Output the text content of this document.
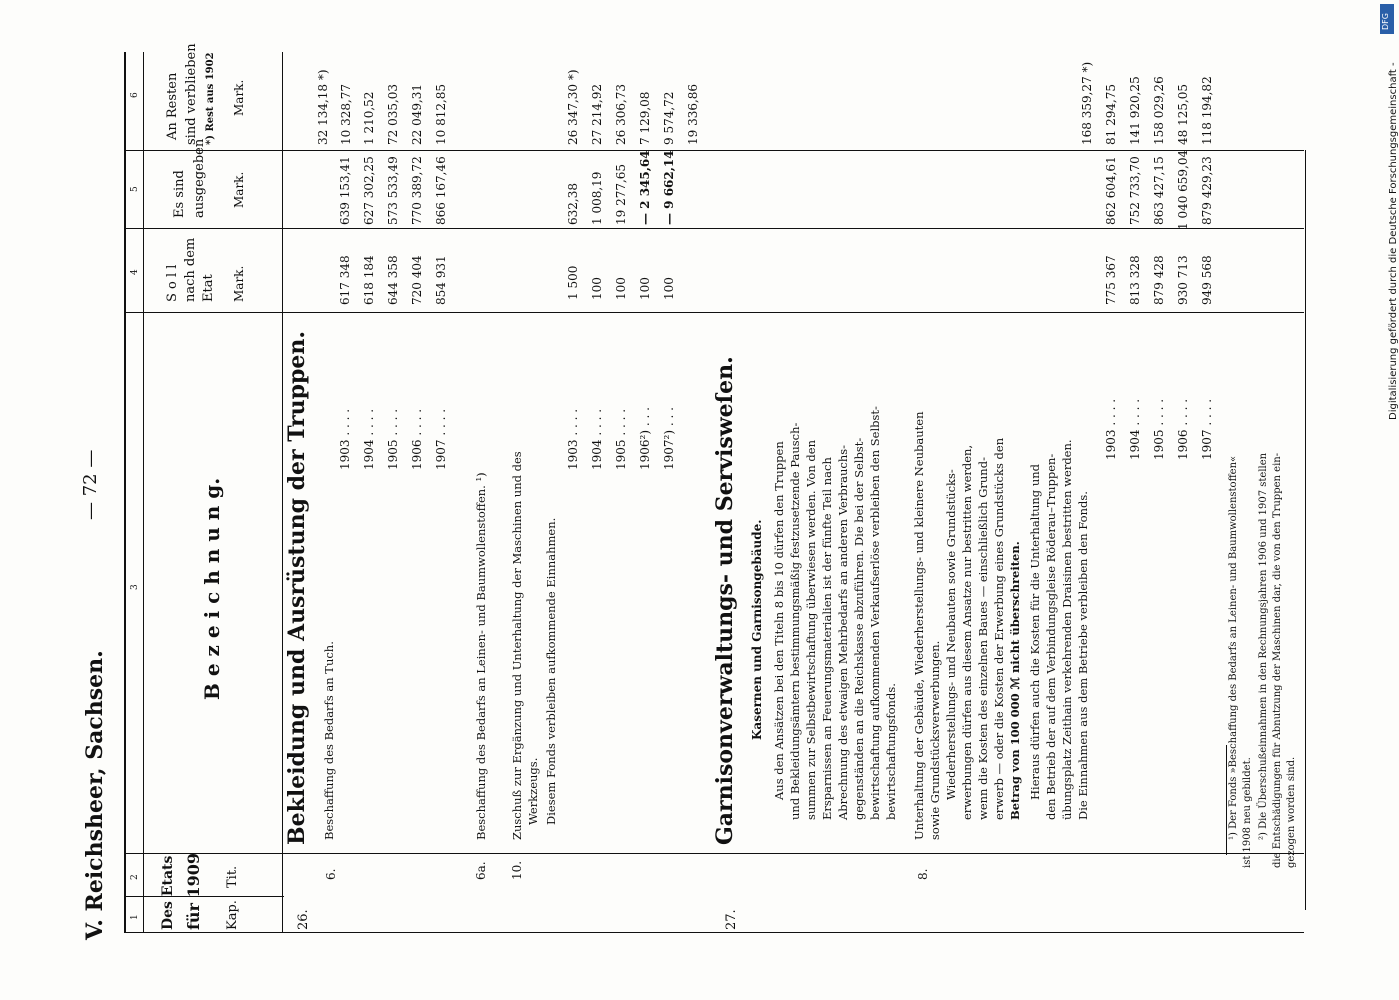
Digitalisierung gefördert durch die Deutsche Forschungsgemeinschaft -
DFG
V. Reichsheer, Sachsen.
— 72 —
1
2
3
4
5
6
Des Etats für 1909 Kap.
Tit.
B e z e i c h n u n g.
S o l l nach dem Etat Mark.
Es sind ausgegeben Mark.
An Resten sind verblieben *) Rest aus 1902 Mark.
26.
Bekleidung und Ausrüstung der Truppen.
6.
Beschaffung des Bedarfs an Tuch.
1903 . . . .
617 348
639 153,41
32 134,18 *)
1904 . . . .
618 184
627 302,25
10 328,77
1905 . . . .
644 358
573 533,49
1 210,52
1906 . . . .
720 404
770 389,72
72 035,03
1907 . . . .
854 931
866 167,46
22 049,31 10 812,85
6a.
Beschaffung des Bedarfs an Leinen- und Baumwollenstoffen. ¹)
10.
Zuschuß zur Ergänzung und Unterhaltung der Maschinen und des Werkzeugs. Diesem Fonds verbleiben aufkommende Einnahmen.
1903 . . . .
1 500
632,38
26 347,30 *)
1904 . . . .
100
1 008,19
27 214,92
1905 . . . .
100
19 277,65
26 306,73
1906²) . . .
100
— 2 345,64
7 129,08
1907²) . . .
100
— 9 662,14
9 574,72 19 336,86
27.
Garnisonverwaltungs- und Servisweſen. Kasernen und Garnisongebäude. Aus den Ansätzen bei den Titeln 8 bis 10 dürfen den Truppen und Bekleidungsämtern bestimmungsmäßig festzusetzende Pausch- summen zur Selbstbewirtschaftung überwiesen werden. Von den Ersparnissen an Feuerungsmaterialien ist der fünfte Teil nach Abrechnung des etwaigen Mehrbedarfs an anderen Verbrauchs- gegenständen an die Reichskasse abzuführen. Die bei der Selbst- bewirtschaftung aufkommenden Verkaufserlöse verbleiben den Selbst- bewirtschaftungsfonds.
8.
Unterhaltung der Gebäude, Wiederherstellungs- und kleinere Neubauten sowie Grundstücksverwerbungen. Wiederherstellungs- und Neubauten sowie Grundstücks- erwerbungen dürfen aus diesem Ansatze nur bestritten werden, wenn die Kosten des einzelnen Baues — einschließlich Grund- erwerb — oder die Kosten der Erwerbung eines Grundstücks den Betrag von 100 000 ℳ nicht überschreiten. Hieraus dürfen auch die Kosten für die Unterhaltung und den Betrieb der auf dem Verbindungsgleise Röderau–Truppen- übungsplatz Zeithain verkehrenden Draisinen bestritten werden. Die Einnahmen aus dem Betriebe verbleiben den Fonds.
1903 . . . .
775 367
862 604,61
168 359,27 *)
1904 . . . .
813 328
752 733,70
81 294,75
1905 . . . .
879 428
863 427,15
141 920,25
1906 . . . .
930 713
1 040 659,04
158 029,26
1907 . . . .
949 568
879 429,23
48 125,05 118 194,82
¹) Der Fonds »Beschaffung des Bedarfs an Leinen- und Baumwollenstoffen« ist 1908 neu gebildet. ²) Die Überschußeinnahmen in den Rechnungsjahren 1906 und 1907 stellen die Entschädigungen für Abnutzung der Maschinen dar, die von den Truppen ein- gezogen worden sind.
